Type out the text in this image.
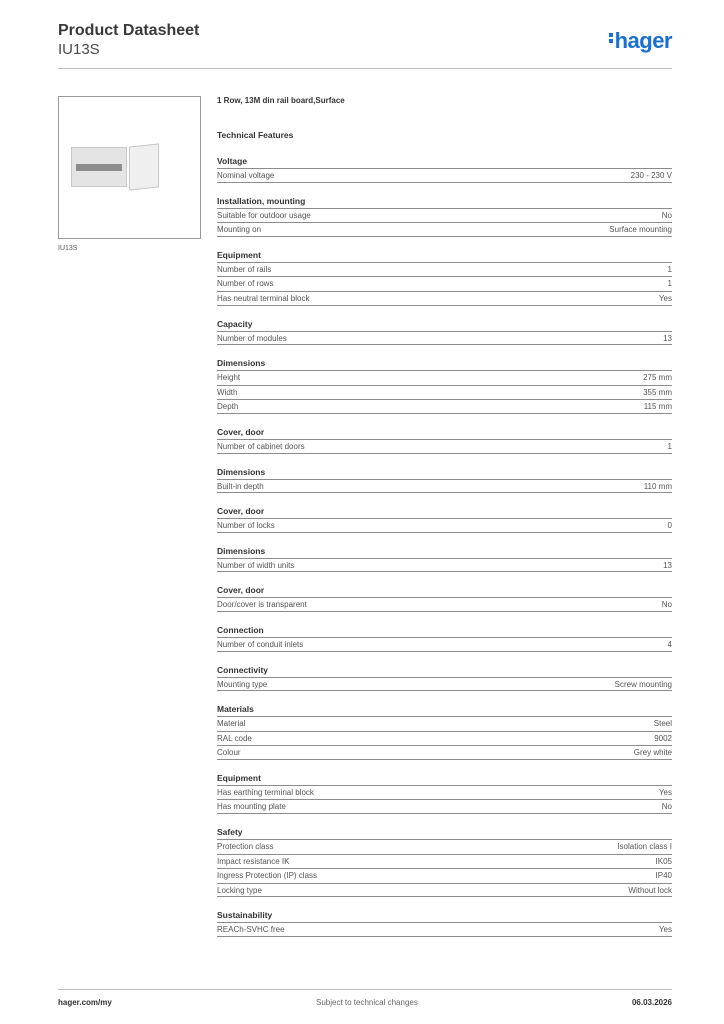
Product Datasheet
IU13S	hager
IU13S
1 Row, 13M din rail board,Surface
Technical Features
Voltage
Nominal voltage	230 - 230 V
Installation, mounting
Suitable for outdoor usage	No
Mounting on	Surface mounting
Equipment
Number of rails	1
Number of rows	1
Has neutral terminal block	Yes
Capacity
Number of modules	13
Dimensions
Height	275 mm
Width	355 mm
Depth	115 mm
Cover, door
Number of cabinet doors	1
Dimensions
Built-in depth	110 mm
Cover, door
Number of locks	0
Dimensions
Number of width units	13
Cover, door
Door/cover is transparent	No
Connection
Number of conduit inlets	4
Connectivity
Mounting type	Screw mounting
Materials
Material	Steel
RAL code	9002
Colour	Grey white
Equipment
Has earthing terminal block	Yes
Has mounting plate	No
Safety
Protection class	Isolation class I
Impact resistance IK	IK05
Ingress Protection (IP) class	IP40
Locking type	Without lock
Sustainability
REACh-SVHC free	Yes
hager.com/my	Subject to technical changes	06.03.2026
